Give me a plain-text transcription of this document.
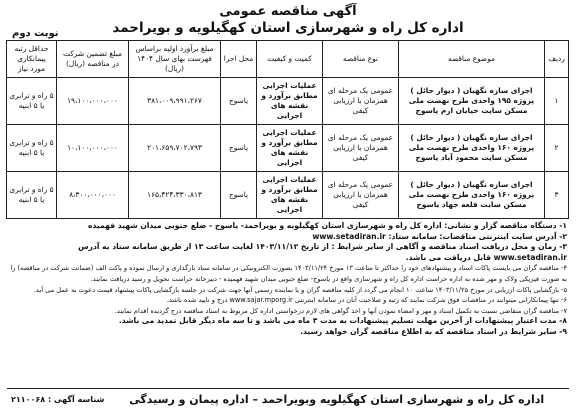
آگهی مناقصه عمومی
اداره کل راه و شهرسازی استان کهگیلویه و بویراحمد
نوبت دوم
ردیف	موضوع مناقصه	نوع مناقصه	کمیت و کیفیت	محل اجرا	مبلغ برآورد اولیه براساس فهرست بهای سال ۱۴۰۴ (ریال)	مبلغ تضمین شرکت در مناقصه (ریال)	حداقل رتبه پیمانکاری مورد نیاز
۱	اجرای سازه نگهبان ( دیوار حائل ) پروژه ۱۹۵ واحدی طرح نهضت ملی مسکن سایت خیابان ارم یاسوج	عمومی یک مرحله ای همزمان با ارزیابی کیفی	عملیات اجرایی مطابق برآورد و نقشه های اجرایی	یاسوج	۳۸۱،۰۰۹،۹۹۱،۲۶۷	۱۹،۱۰۰،۰۰۰،۰۰۰	۵ راه و ترابری یا ۵ ابنیه
۲	اجرای سازه نگهبان ( دیوار حائل ) پروژه ۱۶۰ واحدی طرح نهضت ملی مسکن سایت محمود آباد یاسوج	عمومی یک مرحله ای همزمان با ارزیابی کیفی	عملیات اجرایی مطابق برآورد و نقشه های اجرایی	یاسوج	۲۰۱،۶۵۹،۷۰۲،۷۹۳	۱۰،۱۰۰،۰۰۰،۰۰۰	۵ راه و ترابری یا ۵ ابنیه
۳	اجرای سازه نگهبان ( دیوار حائل ) پروژه ۱۶۰ واحدی طرح نهضت ملی مسکن سایت قلعه جهاد یاسوج	عمومی یک مرحله ای همزمان با ارزیابی کیفی	عملیات اجرایی مطابق برآورد و نقشه های اجرایی	یاسوج	۱۶۵،۴۲۴،۳۳۰،۸۱۳	۸،۳۰۰،۰۰۰،۰۰۰	۵ راه و ترابری یا ۵ ابنیه

۱- دستگاه مناقصه گزار و نشانی: اداره کل راه و شهرسازی استان کهگیلویه و بویراحمد- یاسوج - ضلع جنوبی میدان شهید فهمیده

۲- آدرس سایت اینترنتی مناقصات: سامانه ستاد: www.setadiran.ir

۳- زمان و محل دریافت اسناد مناقصه و آگاهی از سایر شرایط : از تاریخ ۱۴۰۳/۱۱/۱۲ لغایت ساعت ۱۳ از طریق سامانه ستاد به آدرس www.setadiran.ir قابل دریافت می باشد.

۴- مناقصه گران می بایست پاکات اسناد و پیشنهادهای خود را حداکثر تا ساعت ۱۳ مورخ ۱۴۰۳/۱۱/۲۴ بصورت الکترونیکی در سامانه ستاد بارگذاری و ارسال نموده و پاکت الف (ضمانت شرکت در مناقصه) را به صورت فیزیکی ولاک و مهر شده به اداره حراست اداره کل راه و شهرسازی واقع در یاسوج- ضلع جنوبی میدان شهید فهمیده - دبیرخانه حراست تحویل و رسید دریافت نمایند.

۵- بازگشایی پاکات ارزیابی در مورخ ۱۴۰۳/۱۱/۲۵ ساعت ۱۰ انجام می گردد از کلیه مناقصه گران و یا نماینده رسمی آنها جهت شرکت در جلسه بازگشایی پاکات پیشنهاد قیمت دعوت به عمل می آید.

۶- تنها پیمانکارانی میتوانند در مناقصات فوق شرکت نمایند که رتبه و صلاحیت آنان در سامانه اینترنتی www.sajar.mporg.ir درج و تایید شده باشد.

۷- مناقصه گران متقاضی نسبت به تکمیل اسناد و مهر و امضاء نمودن آنها و اخذ گواهی های لازم درخواستی اداره کل مربوط به اسناد مناقصه درج گردیده اقدام نمایند.

۸- مدت اعتبار پیشنهادات از آخرین مهلت تسلیم پیشنهادات به مدت ۳ ماه می باشد و تا سه ماه دیگر قابل تمدید می باشد.

۹- سایر شرایط در اسناد مناقصه که به اطلاع مناقصه گران خواهد رسید.

اداره کل راه و شهرسازی استان کهگیلویه وبویراحمد – اداره پیمان و رسیدگی
شناسه آگهی : ۲۱۱۰۰۶۸
